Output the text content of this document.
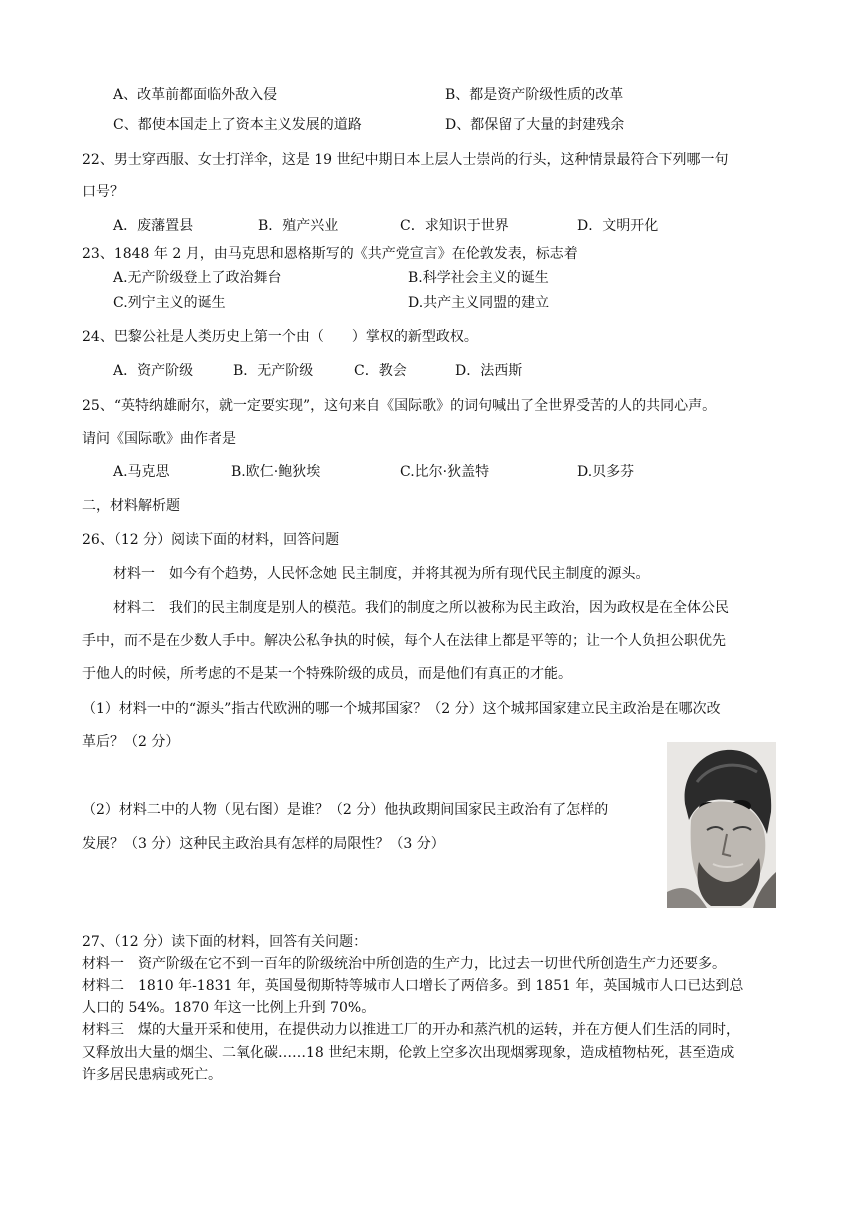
A、改革前都面临外敌入侵	B、都是资产阶级性质的改革
C、都使本国走上了资本主义发展的道路	D、都保留了大量的封建残余
22、男士穿西服、女士打洋伞，这是 19 世纪中期日本上层人士崇尚的行头，这种情景最符合下列哪一句
口号？
A．废藩置县	B．殖产兴业	C．求知识于世界	D．文明开化
23、1848 年 2 月，由马克思和恩格斯写的《共产党宣言》在伦敦发表，标志着
A.无产阶级登上了政治舞台	B.科学社会主义的诞生
C.列宁主义的诞生	D.共产主义同盟的建立
24、巴黎公社是人类历史上第一个由（　　）掌权的新型政权。
A．资产阶级	B．无产阶级	C．教会	D．法西斯
25、“英特纳雄耐尔，就一定要实现”，这句来自《国际歌》的词句喊出了全世界受苦的人的共同心声。
请问《国际歌》曲作者是
A.马克思	B.欧仁·鲍狄埃	C.比尔·狄盖特	D.贝多芬
二，材料解析题
26、（12 分）阅读下面的材料，回答问题
材料一　如今有个趋势，人民怀念她 民主制度，并将其视为所有现代民主制度的源头。
材料二　我们的民主制度是别人的模范。我们的制度之所以被称为民主政治，因为政权是在全体公民
手中，而不是在少数人手中。解决公私争执的时候，每个人在法律上都是平等的；让一个人负担公职优先
于他人的时候，所考虑的不是某一个特殊阶级的成员，而是他们有真正的才能。
（1）材料一中的“源头”指古代欧洲的哪一个城邦国家？（2 分）这个城邦国家建立民主政治是在哪次改
革后？（2 分）
（2）材料二中的人物（见右图）是谁？（2 分）他执政期间国家民主政治有了怎样的
发展？（3 分）这种民主政治具有怎样的局限性？（3 分）
27、（12 分）读下面的材料，回答有关问题：
材料一　资产阶级在它不到一百年的阶级统治中所创造的生产力，比过去一切世代所创造生产力还要多。
材料二　1810 年-1831 年，英国曼彻斯特等城市人口增长了两倍多。到 1851 年，英国城市人口已达到总
人口的 54%。1870 年这一比例上升到 70%。
材料三　煤的大量开采和使用，在提供动力以推进工厂的开办和蒸汽机的运转，并在方便人们生活的同时，
又释放出大量的烟尘、二氧化碳……18 世纪末期，伦敦上空多次出现烟雾现象，造成植物枯死，甚至造成
许多居民患病或死亡。
